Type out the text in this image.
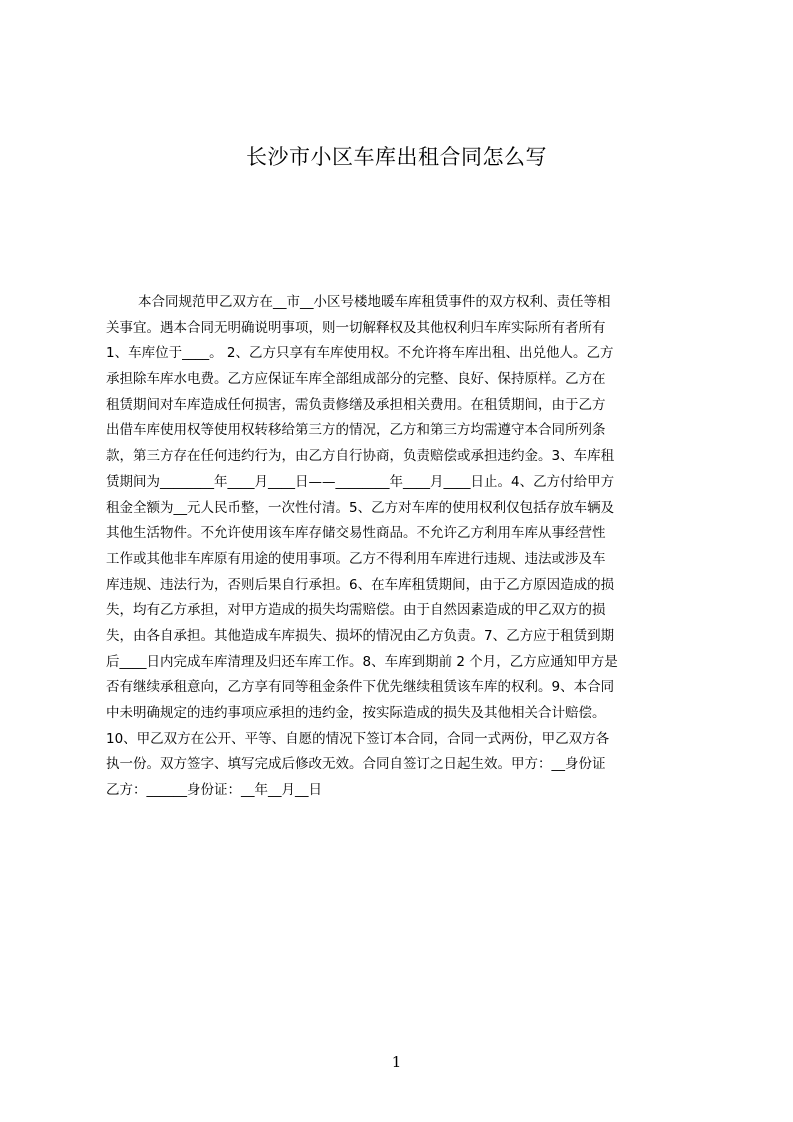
长沙市小区车库出租合同怎么写
本合同规范甲乙双方在__市__小区号楼地暖车库租赁事件的双方权利、责任等相
关事宜。遇本合同无明确说明事项，则一切解释权及其他权利归车库实际所有者所有
1、车库位于____。 2、乙方只享有车库使用权。不允许将车库出租、出兑他人。乙方
承担除车库水电费。乙方应保证车库全部组成部分的完整、良好、保持原样。乙方在
租赁期间对车库造成任何损害，需负责修缮及承担相关费用。在租赁期间，由于乙方
出借车库使用权等使用权转移给第三方的情况，乙方和第三方均需遵守本合同所列条
款，第三方存在任何违约行为，由乙方自行协商，负责赔偿或承担违约金。3、车库租
赁期间为________年____月____日——________年____月____日止。4、乙方付给甲方
租金全额为__元人民币整，一次性付清。5、乙方对车库的使用权利仅包括存放车辆及
其他生活物件。不允许使用该车库存储交易性商品。不允许乙方利用车库从事经营性
工作或其他非车库原有用途的使用事项。乙方不得利用车库进行违规、违法或涉及车
库违规、违法行为，否则后果自行承担。6、在车库租赁期间，由于乙方原因造成的损
失，均有乙方承担，对甲方造成的损失均需赔偿。由于自然因素造成的甲乙双方的损
失，由各自承担。其他造成车库损失、损坏的情况由乙方负责。7、乙方应于租赁到期
后____日内完成车库清理及归还车库工作。8、车库到期前 2 个月，乙方应通知甲方是
否有继续承租意向，乙方享有同等租金条件下优先继续租赁该车库的权利。9、本合同
中未明确规定的违约事项应承担的违约金，按实际造成的损失及其他相关合计赔偿。
10、甲乙双方在公开、平等、自愿的情况下签订本合同，合同一式两份，甲乙双方各
执一份。双方签字、填写完成后修改无效。合同自签订之日起生效。甲方：__身份证
乙方：______身份证：__年__月__日
1
